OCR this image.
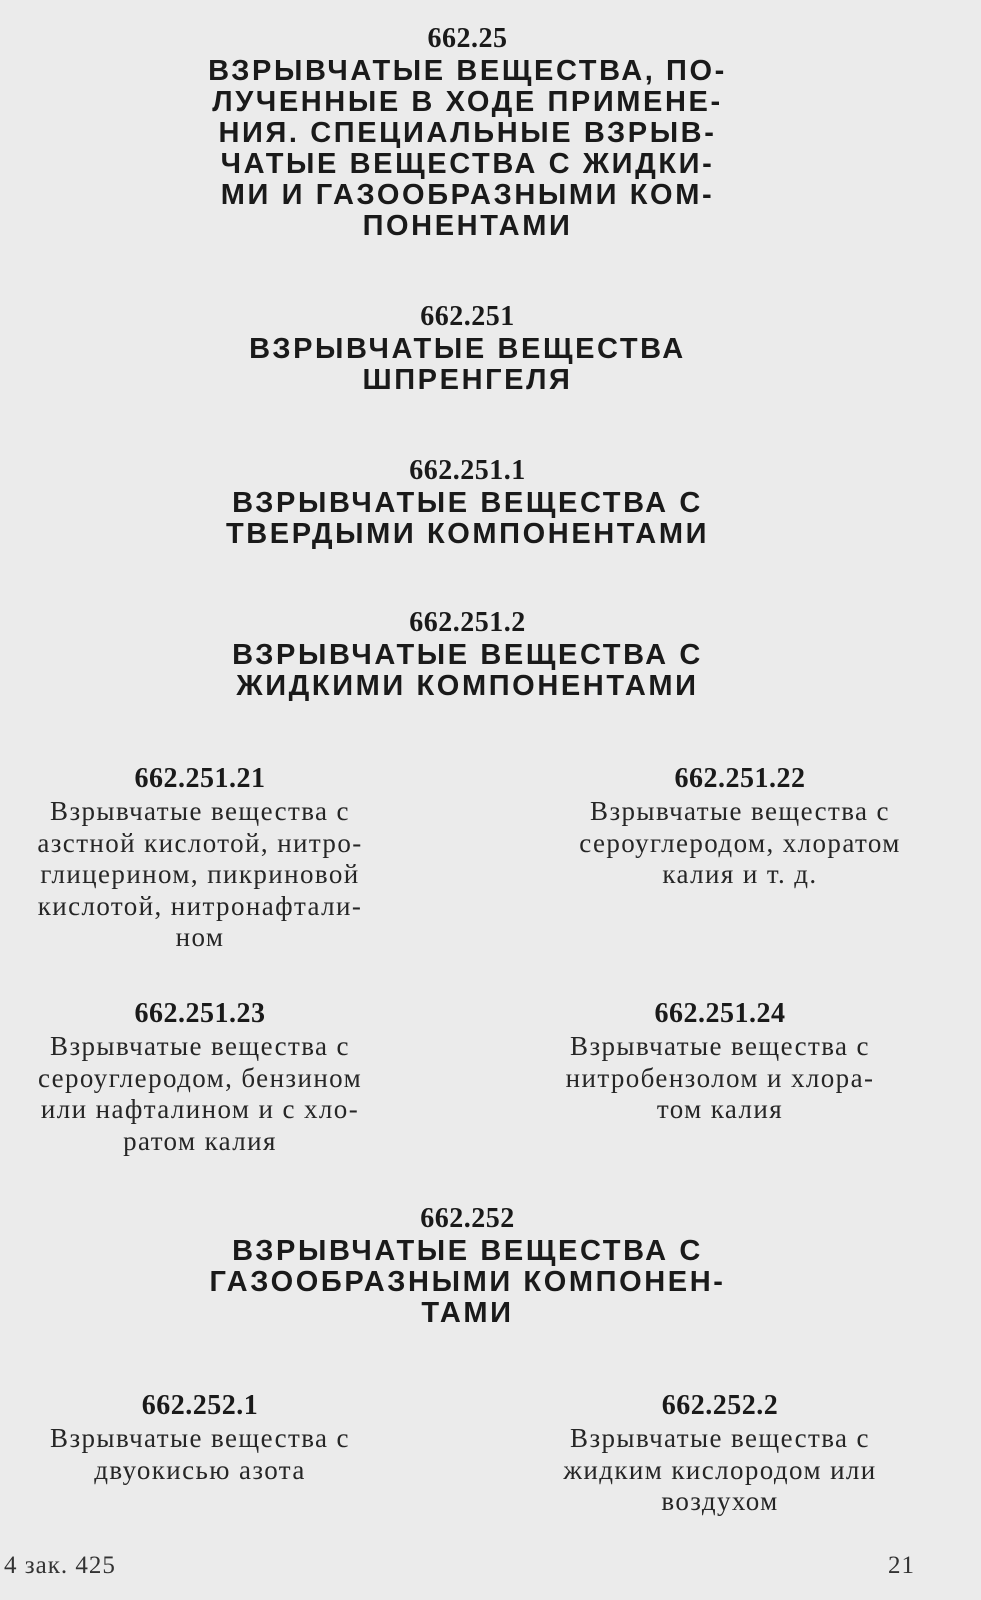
662.25
ВЗРЫВЧАТЫЕ ВЕЩЕСТВА, ПО-
ЛУЧЕННЫЕ В ХОДЕ ПРИМЕНЕ-
НИЯ. СПЕЦИАЛЬНЫЕ ВЗРЫВ-
ЧАТЫЕ ВЕЩЕСТВА С ЖИДКИ-
МИ И ГАЗООБРАЗНЫМИ КОМ-
ПОНЕНТАМИ
662.251
ВЗРЫВЧАТЫЕ ВЕЩЕСТВА
ШПРЕНГЕЛЯ
662.251.1
ВЗРЫВЧАТЫЕ ВЕЩЕСТВА С
ТВЕРДЫМИ КОМПОНЕНТАМИ
662.251.2
ВЗРЫВЧАТЫЕ ВЕЩЕСТВА С
ЖИДКИМИ КОМПОНЕНТАМИ
662.251.21
Взрывчатые вещества с
азстной кислотой, нитро-
глицерином, пикриновой
кислотой, нитронафтали-
ном
662.251.22
Взрывчатые вещества с
сероуглеродом, хлоратом
калия и т. д.
662.251.23
Взрывчатые вещества с
сероуглеродом, бензином
или нафталином и с хло-
ратом калия
662.251.24
Взрывчатые вещества с
нитробензолом и хлора-
том калия
662.252
ВЗРЫВЧАТЫЕ ВЕЩЕСТВА С
ГАЗООБРАЗНЫМИ КОМПОНЕН-
ТАМИ
662.252.1
Взрывчатые вещества с
двуокисью азота
662.252.2
Взрывчатые вещества с
жидким кислородом или
воздухом
4 зак. 425	21
